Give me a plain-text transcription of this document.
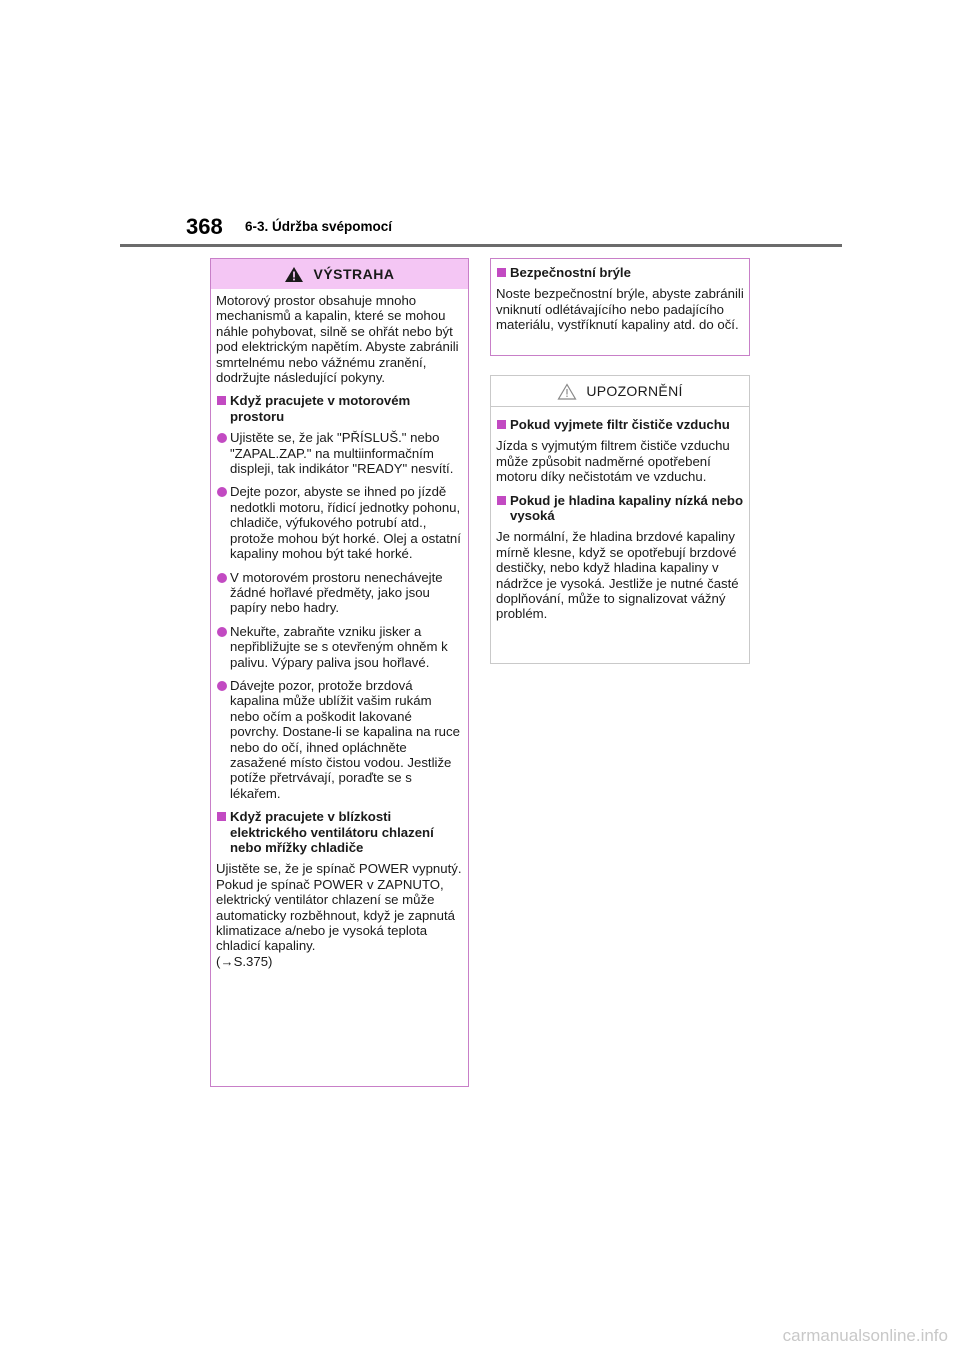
368 6-3. Údržba svépomocí
VÝSTRAHA

Motorový prostor obsahuje mnoho mechanismů a kapalin, které se mohou náhle pohybovat, silně se ohřát nebo být pod elektrickým napětím. Abyste zabránili smrtelnému nebo vážnému zranění, dodržujte následující pokyny.

Když pracujete v motorovém prostoru
Ujistěte se, že jak "PŘÍSLUŠ." nebo "ZAPAL.ZAP." na multiinformačním displeji, tak indikátor "READY" nesvítí.
Dejte pozor, abyste se ihned po jízdě nedotkli motoru, řídicí jednotky pohonu, chladiče, výfukového potrubí atd., protože mohou být horké. Olej a ostatní kapaliny mohou být také horké.
V motorovém prostoru nenechávejte žádné hořlavé předměty, jako jsou papíry nebo hadry.
Nekuřte, zabraňte vzniku jisker a nepřibližujte se s otevřeným ohněm k palivu. Výpary paliva jsou hořlavé.
Dávejte pozor, protože brzdová kapalina může ublížit vašim rukám nebo očím a poškodit lakované povrchy. Dostane-li se kapalina na ruce nebo do očí, ihned opláchněte zasažené místo čistou vodou. Jestliže potíže přetrvávají, poraďte se s lékařem.
Když pracujete v blízkosti elektrického ventilátoru chlazení nebo mřížky chladiče

Ujistěte se, že je spínač POWER vypnutý.

Pokud je spínač POWER v ZAPNUTO, elektrický ventilátor chlazení se může automaticky rozběhnout, když je zapnutá klimatizace a/nebo je vysoká teplota chladicí kapaliny.

(→S.375)

Bezpečnostní brýle

Noste bezpečnostní brýle, abyste zabránili vniknutí odlétávajícího nebo padajícího materiálu, vystříknutí kapaliny atd. do očí.

UPOZORNĚNÍ
Pokud vyjmete filtr čističe vzduchu

Jízda s vyjmutým filtrem čističe vzduchu může způsobit nadměrné opotřebení motoru díky nečistotám ve vzduchu.

Pokud je hladina kapaliny nízká nebo vysoká

Je normální, že hladina brzdové kapaliny mírně klesne, když se opotřebují brzdové destičky, nebo když hladina kapaliny v nádržce je vysoká. Jestliže je nutné časté doplňování, může to signalizovat vážný problém.

carmanualsonline.info
